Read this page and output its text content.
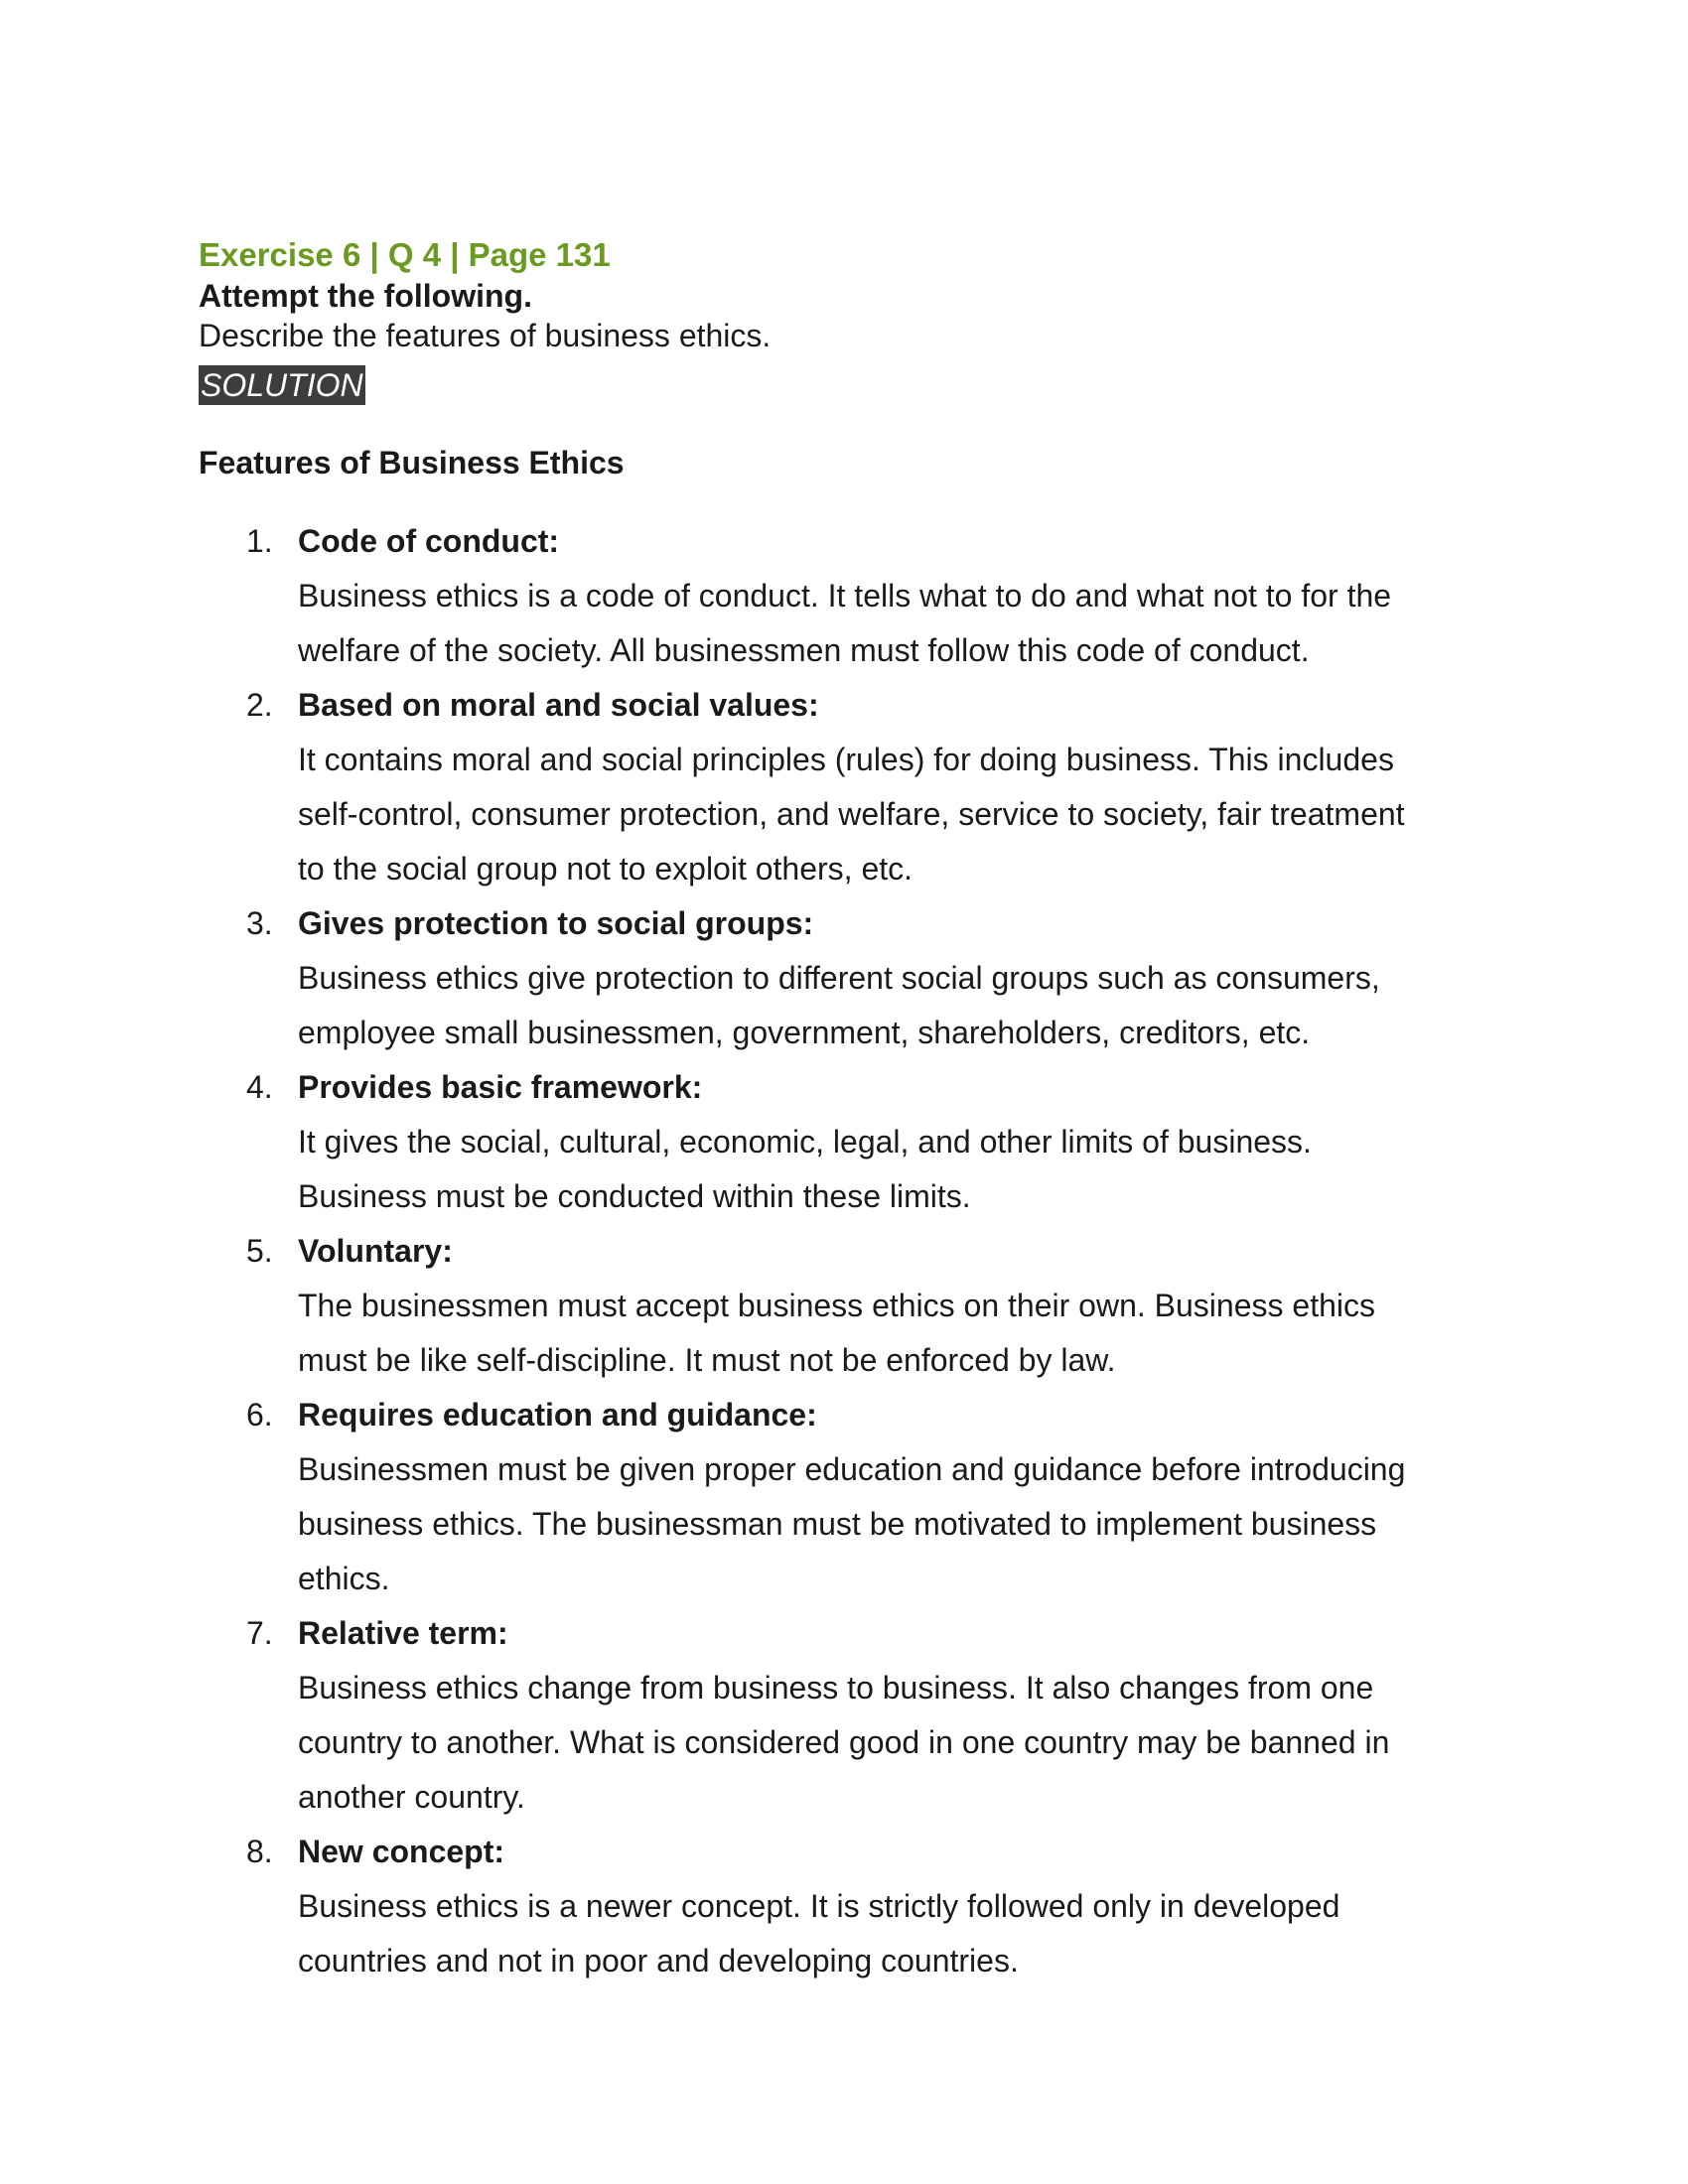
Exercise 6 | Q 4 | Page 131

Attempt the following.

Describe the features of business ethics.

SOLUTION

Features of Business Ethics

1. Code of conduct:

Business ethics is a code of conduct. It tells what to do and what not to for the

welfare of the society. All businessmen must follow this code of conduct.

2. Based on moral and social values:

It contains moral and social principles (rules) for doing business. This includes

self-control, consumer protection, and welfare, service to society, fair treatment

to the social group not to exploit others, etc.

3. Gives protection to social groups:

Business ethics give protection to different social groups such as consumers,

employee small businessmen, government, shareholders, creditors, etc.

4. Provides basic framework:

It gives the social, cultural, economic, legal, and other limits of business.

Business must be conducted within these limits.

5. Voluntary:

The businessmen must accept business ethics on their own. Business ethics

must be like self-discipline. It must not be enforced by law.

6. Requires education and guidance:

Businessmen must be given proper education and guidance before introducing

business ethics. The businessman must be motivated to implement business

ethics.

7. Relative term:

Business ethics change from business to business. It also changes from one

country to another. What is considered good in one country may be banned in

another country.

8. New concept:

Business ethics is a newer concept. It is strictly followed only in developed

countries and not in poor and developing countries.
